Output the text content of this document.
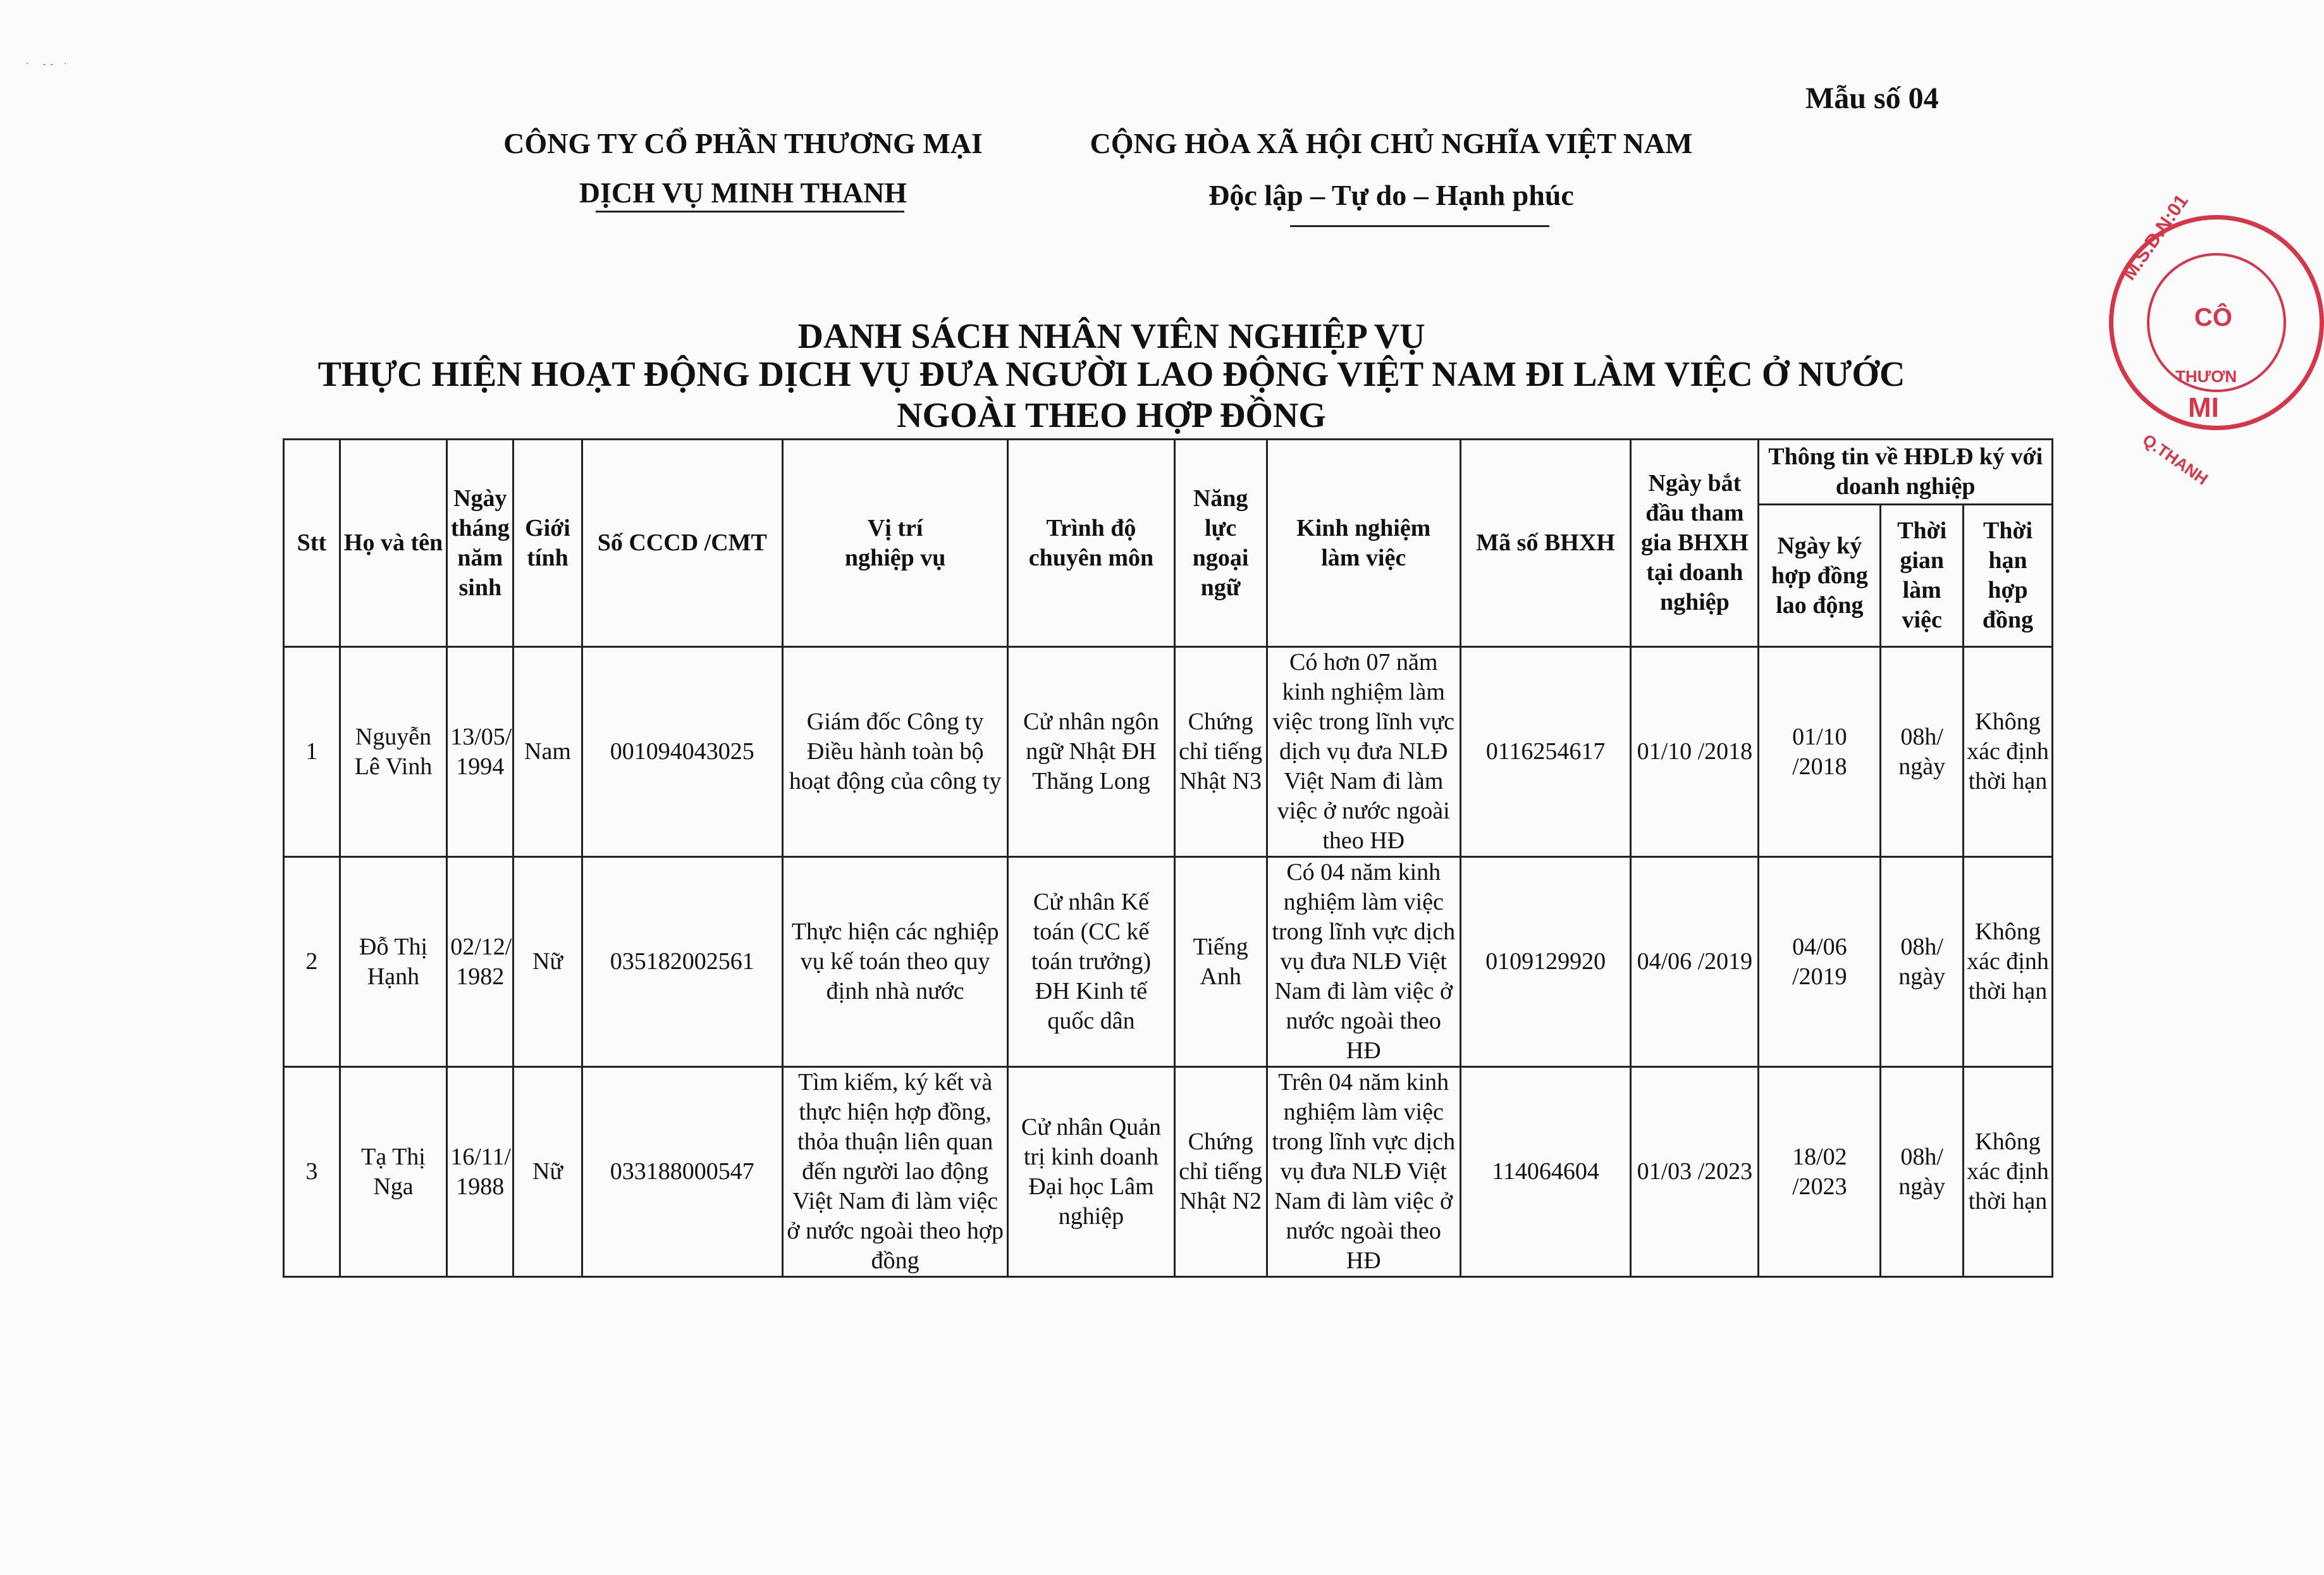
·    ‐ ‐   ·
Mẫu số 04
CÔNG TY CỔ PHẦN THƯƠNG MẠI
DỊCH VỤ MINH THANH
CỘNG HÒA XÃ HỘI CHỦ NGHĨA VIỆT NAM
Độc lập – Tự do – Hạnh phúc
DANH SÁCH NHÂN VIÊN NGHIỆP VỤ
THỰC HIỆN HOẠT ĐỘNG DỊCH VỤ ĐƯA NGƯỜI LAO ĐỘNG VIỆT NAM ĐI LÀM VIỆC Ở NƯỚC
NGOÀI THEO HỢP ĐỒNG
Stt	Họ và tên	Ngày tháng năm sinh	Giới tính	Số CCCD /CMT	Vị trí nghiệp vụ	Trình độ chuyên môn	Năng lực ngoại ngữ	Kinh nghiệm làm việc	Mã số BHXH	Ngày bắt đầu tham gia BHXH tại doanh nghiệp	Thông tin về HĐLĐ ký với doanh nghiệp		
											Ngày ký hợp đồng lao động	Thời gian làm việc	Thời hạn hợp đồng
1	Nguyễn Lê Vinh	13/05/ 1994	Nam	001094043025	Giám đốc Công ty Điều hành toàn bộ hoạt động của công ty	Cử nhân ngôn ngữ Nhật ĐH Thăng Long	Chứng chỉ tiếng Nhật N3	Có hơn 07 năm kinh nghiệm làm việc trong lĩnh vực dịch vụ đưa NLĐ Việt Nam đi làm việc ở nước ngoài theo HĐ	0116254617	01/10 /2018	01/10 /2018	08h/ ngày	Không xác định thời hạn
2	Đỗ Thị Hạnh	02/12/ 1982	Nữ	035182002561	Thực hiện các nghiệp vụ kế toán theo quy định nhà nước	Cử nhân Kế toán (CC kế toán trưởng) ĐH Kinh tế quốc dân	Tiếng Anh	Có 04 năm kinh nghiệm làm việc trong lĩnh vực dịch vụ đưa NLĐ Việt Nam đi làm việc ở nước ngoài theo HĐ	0109129920	04/06 /2019	04/06 /2019	08h/ ngày	Không xác định thời hạn
3	Tạ Thị Nga	16/11/ 1988	Nữ	033188000547	Tìm kiếm, ký kết và thực hiện hợp đồng, thỏa thuận liên quan đến người lao động Việt Nam đi làm việc ở nước ngoài theo hợp đồng	Cử nhân Quản trị kinh doanh Đại học Lâm nghiệp	Chứng chỉ tiếng Nhật N2	Trên 04 năm kinh nghiệm làm việc trong lĩnh vực dịch vụ đưa NLĐ Việt Nam đi làm việc ở nước ngoài theo HĐ	114064604	01/03 /2023	18/02 /2023	08h/ ngày	Không xác định thời hạn
M.S.D.N:01
CÔ
THƯƠN
MI
Q.THANH
